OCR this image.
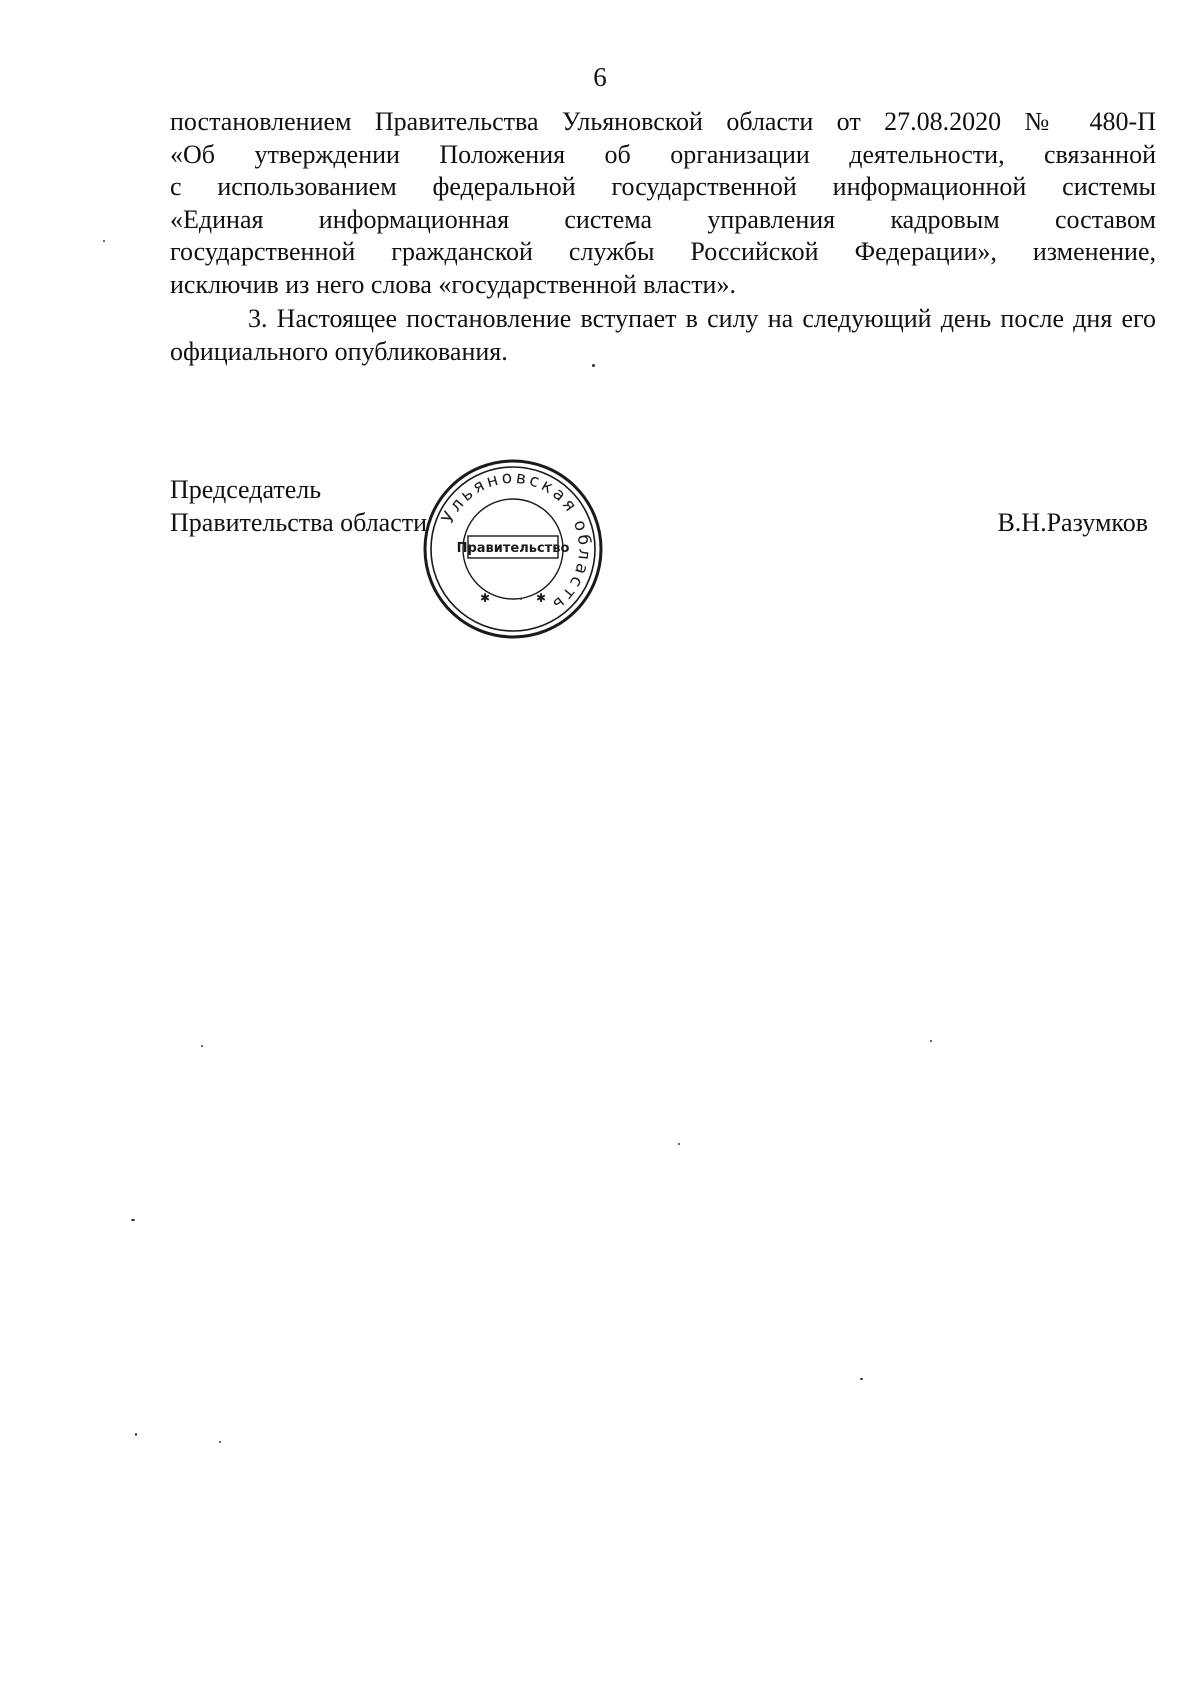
6

постановлением Правительства Ульяновской области от 27.08.2020 № 480-П

«Об утверждении Положения об организации деятельности, связанной

с использованием федеральной государственной информационной системы

«Единая информационная система управления кадровым составом

государственной гражданской службы Российской Федерации», изменение,

исключив из него слова «государственной власти».

3. Настоящее постановление вступает в силу на следующий день после дня его официального опубликования.

Председатель
Правительства области	В.Н.Разумков
Ульяновская область
Правительство
✱	✱
